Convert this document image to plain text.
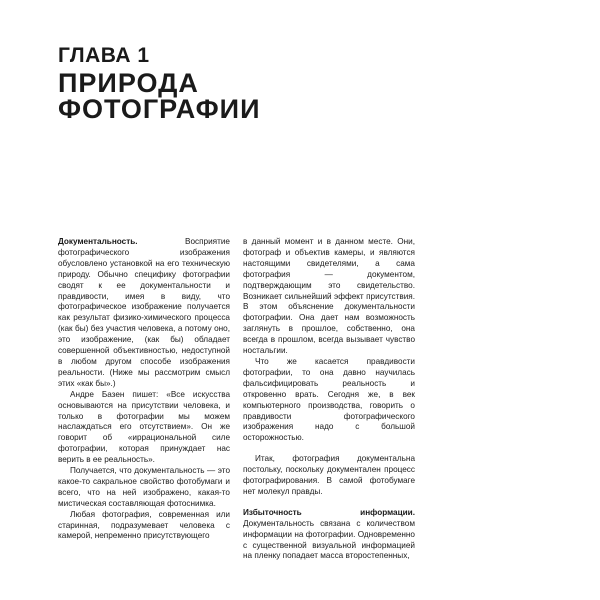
ГЛАВА 1
ПРИРОДА
ФОТОГРАФИИ

Документальность. Восприятие фотографического изображения обусловлено установкой на его техническую природу. Обычно специфику фотографии сводят к ее документальности и правдивости, имея в виду, что фотографическое изображение получается как результат физико-химического процесса (как бы) без участия человека, а потому оно, это изображение, (как бы) обладает совершенной объективностью, недоступной в любом другом способе изображения реальности. (Ниже мы рассмотрим смысл этих «как бы».)

Андре Базен пишет: «Все искусства основываются на присутствии человека, и только в фотографии мы можем наслаждаться его отсутствием». Он же говорит об «иррациональной силе фотографии, которая принуждает нас верить в ее реальность».

Получается, что документальность — это какое-то сакральное свойство фотобумаги и всего, что на ней изображено, какая-то мистическая составляющая фотоснимка.

Любая фотография, современная или старинная, подразумевает человека с камерой, непременно присутствующего

в данный момент и в данном месте. Они, фотограф и объектив камеры, и являются настоящими свидетелями, а сама фотография — документом, подтверждающим это свидетельство. Возникает сильнейший эффект присутствия. В этом объяснение документальности фотографии. Она дает нам возможность заглянуть в прошлое, собственно, она всегда в прошлом, всегда вызывает чувство ностальгии.

Что же касается правдивости фотографии, то она давно научилась фальсифицировать реальность и откровенно врать. Сегодня же, в век компьютерного производства, говорить о правдивости фотографического изображения надо с большой осторожностью.

Итак, фотография документальна постольку, поскольку документален процесс фотографирования. В самой фотобумаге нет молекул правды.

Избыточность информации. Документальность связана с количеством информации на фотографии. Одновременно с существенной визуальной информацией на пленку попадает масса второстепенных,
